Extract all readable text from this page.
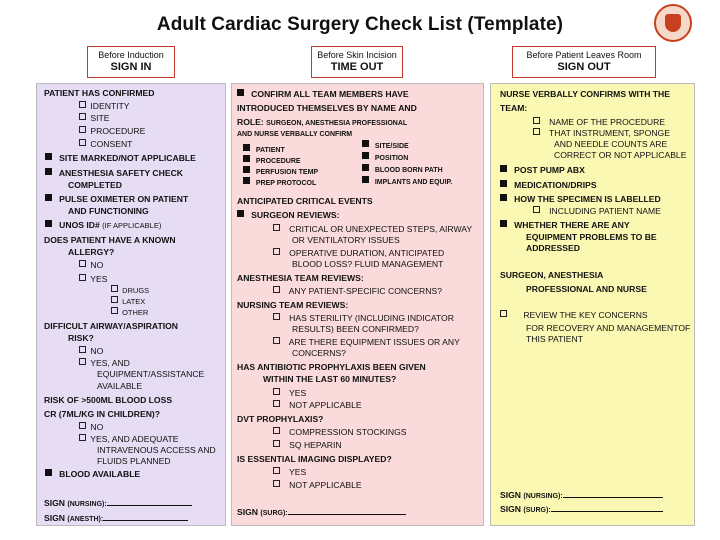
Adult Cardiac Surgery Check List (Template)
Before Induction
SIGN IN
Before Skin Incision
TIME OUT
Before Patient Leaves Room
SIGN OUT
PATIENT HAS CONFIRMED
IDENTITY
SITE
PROCEDURE
CONSENT
SITE MARKED/NOT APPLICABLE
ANESTHESIA SAFETY CHECK
COMPLETED
PULSE OXIMETER ON PATIENT
AND FUNCTIONING
UNOS ID# (IF APPLICABLE)
DOES PATIENT HAVE A KNOWN
ALLERGY?
NO
YES
DRUGS
LATEX
OTHER
DIFFICULT AIRWAY/ASPIRATION
RISK?
NO
YES, AND
EQUIPMENT/ASSISTANCE
AVAILABLE
RISK OF >500ML BLOOD LOSS
CR (7ML/KG IN CHILDREN)?
NO
YES, AND ADEQUATE
INTRAVENOUS ACCESS AND
FLUIDS PLANNED
BLOOD AVAILABLE
SIGN (NURSING):
SIGN (ANESTH):
CONFIRM ALL TEAM MEMBERS HAVE
INTRODUCED THEMSELVES BY NAME AND
ROLE: SURGEON, ANESTHESIA PROFESSIONAL
AND NURSE VERBALLY CONFIRM
PATIENT
PROCEDURE
PERFUSION TEMP
PREP PROTOCOL
SITE/SIDE
POSITION
BLOOD BORN PATH
IMPLANTS AND EQUIP.
ANTICIPATED CRITICAL EVENTS
SURGEON REVIEWS:
CRITICAL OR UNEXPECTED STEPS, AIRWAY
OR VENTILATORY ISSUES
OPERATIVE DURATION, ANTICIPATED
BLOOD LOSS? FLUID MANAGEMENT
ANESTHESIA TEAM REVIEWS:
ANY PATIENT-SPECIFIC CONCERNS?
NURSING TEAM REVIEWS:
HAS STERILITY (INCLUDING INDICATOR
RESULTS) BEEN CONFIRMED?
ARE THERE EQUIPMENT ISSUES OR ANY
CONCERNS?
HAS ANTIBIOTIC PROPHYLAXIS BEEN GIVEN
WITHIN THE LAST 60 MINUTES?
YES
NOT APPLICABLE
DVT PROPHYLAXIS?
COMPRESSION STOCKINGS
SQ HEPARIN
IS ESSENTIAL IMAGING DISPLAYED?
YES
NOT APPLICABLE
SIGN (SURG):
NURSE VERBALLY CONFIRMS WITH THE
TEAM:
NAME OF THE PROCEDURE
THAT INSTRUMENT, SPONGE
AND NEEDLE COUNTS ARE
CORRECT OR NOT APPLICABLE
POST PUMP ABX
MEDICATION/DRIPS
HOW THE SPECIMEN IS LABELLED
INCLUDING PATIENT NAME
WHETHER THERE ARE ANY
EQUIPMENT PROBLEMS TO BE
ADDRESSED
SURGEON, ANESTHESIA
PROFESSIONAL AND NURSE
REVIEW THE KEY CONCERNS
FOR RECOVERY AND MANAGEMENTOF
THIS PATIENT
SIGN (NURSING):
SIGN (SURG):
